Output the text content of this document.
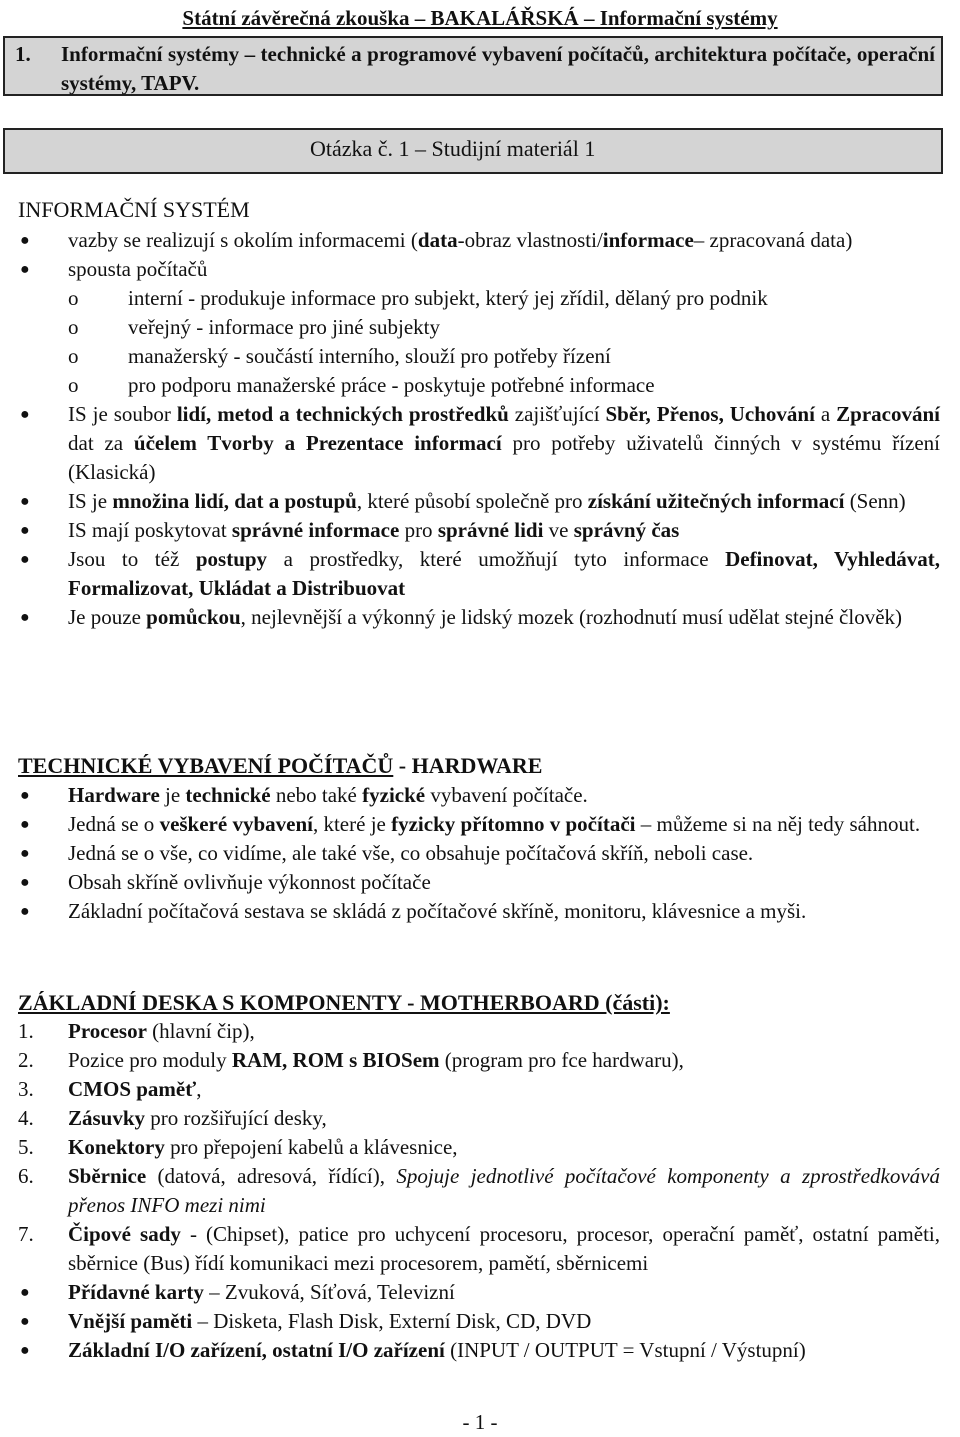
Státní závěrečná zkouška – BAKALÁŘSKÁ – Informační systémy
1. Informační systémy – technické a programové vybavení počítačů, architektura počítače, operační systémy, TAPV.
Otázka č. 1 – Studijní materiál 1
INFORMAČNÍ SYSTÉM
● vazby se realizují s okolím informacemi (data-obraz vlastnosti/informace– zpracovaná data)
● spousta počítačů
o interní - produkuje informace pro subjekt, který jej zřídil, dělaný pro podnik
o veřejný - informace pro jiné subjekty
o manažerský - součástí interního, slouží pro potřeby řízení
o pro podporu manažerské práce - poskytuje potřebné informace
● IS je soubor lidí, metod a technických prostředků zajišťující Sběr, Přenos, Uchování a Zpracování dat za účelem Tvorby a Prezentace informací pro potřeby uživatelů činných v systému řízení (Klasická)
● IS je množina lidí, dat a postupů, které působí společně pro získání užitečných informací (Senn)
● IS mají poskytovat správné informace pro správné lidi ve správný čas
● Jsou to též postupy a prostředky, které umožňují tyto informace Definovat, Vyhledávat, Formalizovat, Ukládat a Distribuovat
● Je pouze pomůckou, nejlevnější a výkonný je lidský mozek (rozhodnutí musí udělat stejné člověk)
TECHNICKÉ VYBAVENÍ POČÍTAČŮ - HARDWARE
● Hardware je technické nebo také fyzické vybavení počítače.
● Jedná se o veškeré vybavení, které je fyzicky přítomno v počítači – můžeme si na něj tedy sáhnout.
● Jedná se o vše, co vidíme, ale také vše, co obsahuje počítačová skříň, neboli case.
● Obsah skříně ovlivňuje výkonnost počítače
● Základní počítačová sestava se skládá z počítačové skříně, monitoru, klávesnice a myši.
ZÁKLADNÍ DESKA S KOMPONENTY - MOTHERBOARD (části):
1. Procesor (hlavní čip),
2. Pozice pro moduly RAM, ROM s BIOSem (program pro fce hardwaru),
3. CMOS paměť,
4. Zásuvky pro rozšiřující desky,
5. Konektory pro přepojení kabelů a klávesnice,
6. Sběrnice (datová, adresová, řídící), Spojuje jednotlivé počítačové komponenty a zprostředkovává přenos INFO mezi nimi
7. Čipové sady - (Chipset), patice pro uchycení procesoru, procesor, operační paměť, ostatní paměti, sběrnice (Bus) řídí komunikaci mezi procesorem, pamětí, sběrnicemi
● Přídavné karty – Zvuková, Síťová, Televizní
● Vnější paměti – Disketa, Flash Disk, Externí Disk, CD, DVD
● Základní I/O zařízení, ostatní I/O zařízení (INPUT / OUTPUT = Vstupní / Výstupní)
- 1 -
